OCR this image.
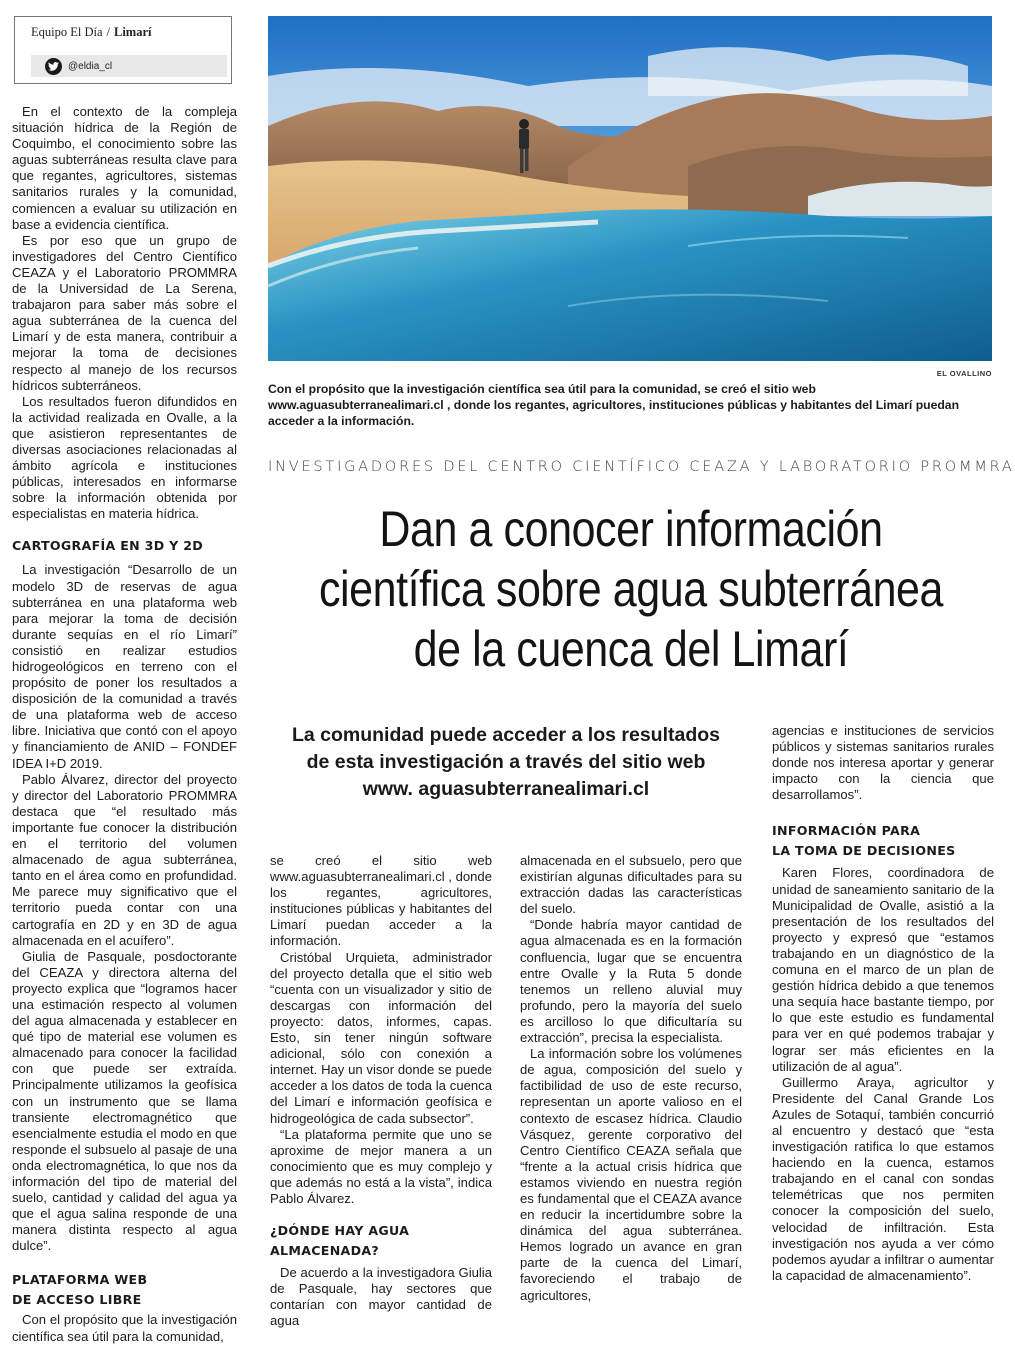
Equipo El Día / Limarí
@eldia_cl

En el contexto de la compleja situación hídrica de la Región de Coquimbo, el conocimiento sobre las aguas subterráneas resulta clave para que regantes, agricultores, sistemas sanitarios rurales y la comunidad, comiencen a evaluar su utilización en base a evidencia científica.

Es por eso que un grupo de investigadores del Centro Científico CEAZA y el Laboratorio PROMMRA de la Universidad de La Serena, trabajaron para saber más sobre el agua subterránea de la cuenca del Limarí y de esta manera, contribuir a mejorar la toma de decisiones respecto al manejo de los recursos hídricos subterráneos.

Los resultados fueron difundidos en la actividad realizada en Ovalle, a la que asistieron representantes de diversas asociaciones relacionadas al ámbito agrícola e instituciones públicas, interesados en informarse sobre la información obtenida por especialistas en materia hídrica.

CARTOGRAFÍA EN 3D Y 2D

La investigación “Desarrollo de un modelo 3D de reservas de agua subterránea en una plataforma web para mejorar la toma de decisión durante sequías en el río Limarí” consistió en realizar estudios hidrogeológicos en terreno con el propósito de poner los resultados a disposición de la comunidad a través de una plataforma web de acceso libre. Iniciativa que contó con el apoyo y financiamiento de ANID – FONDEF IDEA I+D 2019.

Pablo Álvarez, director del proyecto y director del Laboratorio PROMMRA destaca que “el resultado más importante fue conocer la distribución en el territorio del volumen almacenado de agua subterránea, tanto en el área como en profundidad. Me parece muy significativo que el territorio pueda contar con una cartografía en 2D y en 3D de agua almacenada en el acuífero”.

Giulia de Pasquale, posdoctorante del CEAZA y directora alterna del proyecto explica que “logramos hacer una estimación respecto al volumen del agua almacenada y establecer en qué tipo de material ese volumen es almacenado para conocer la facilidad con que puede ser extraída. Principalmente utilizamos la geofísica con un instrumento que se llama transiente electromagnético que esencialmente estudia el modo en que responde el subsuelo al pasaje de una onda electromagnética, lo que nos da información del tipo de material del suelo, cantidad y calidad del agua ya que el agua salina responde de una manera distinta respecto al agua dulce”.

PLATAFORMA WEB
DE ACCESO LIBRE

Con el propósito que la investigación científica sea útil para la comunidad,

EL OVALLINO
Con el propósito que la investigación científica sea útil para la comunidad, se creó el sitio web www.aguasubterranealimari.cl , donde los regantes, agricultores, instituciones públicas y habitantes del Limarí puedan acceder a la información.
INVESTIGADORES DEL CENTRO CIENTÍFICO CEAZA Y LABORATORIO PROMMRA
Dan a conocer información
científica sobre agua subterránea
de la cuenca del Limarí
La comunidad puede acceder a los resultados de esta investigación a través del sitio web www. aguasubterranealimari.cl

se creó el sitio web www.aguasubterranealimari.cl , donde los regantes, agricultores, instituciones públicas y habitantes del Limarí puedan acceder a la información.

Cristóbal Urquieta, administrador del proyecto detalla que el sitio web “cuenta con un visualizador y sitio de descargas con información del proyecto: datos, informes, capas. Esto, sin tener ningún software adicional, sólo con conexión a internet. Hay un visor donde se puede acceder a los datos de toda la cuenca del Limarí e información geofísica e hidrogeológica de cada subsector”.

“La plataforma permite que uno se aproxime de mejor manera a un conocimiento que es muy complejo y que además no está a la vista”, indica Pablo Álvarez.

¿DÓNDE HAY AGUA ALMACENADA?

De acuerdo a la investigadora Giulia de Pasquale, hay sectores que contarían con mayor cantidad de agua

almacenada en el subsuelo, pero que existirían algunas dificultades para su extracción dadas las características del suelo.

“Donde habría mayor cantidad de agua almacenada es en la formación confluencia, lugar que se encuentra entre Ovalle y la Ruta 5 donde tenemos un relleno aluvial muy profundo, pero la mayoría del suelo es arcilloso lo que dificultaría su extracción”, precisa la especialista.

La información sobre los volúmenes de agua, composición del suelo y factibilidad de uso de este recurso, representan un aporte valioso en el contexto de escasez hídrica. Claudio Vásquez, gerente corporativo del Centro Científico CEAZA señala que “frente a la actual crisis hídrica que estamos viviendo en nuestra región es fundamental que el CEAZA avance en reducir la incertidumbre sobre la dinámica del agua subterránea. Hemos logrado un avance en gran parte de la cuenca del Limarí, favoreciendo el trabajo de agricultores,

agencias e instituciones de servicios públicos y sistemas sanitarios rurales donde nos interesa aportar y generar impacto con la ciencia que desarrollamos”.

INFORMACIÓN PARA
LA TOMA DE DECISIONES

Karen Flores, coordinadora de unidad de saneamiento sanitario de la Municipalidad de Ovalle, asistió a la presentación de los resultados del proyecto y expresó que “estamos trabajando en un diagnóstico de la comuna en el marco de un plan de gestión hídrica debido a que tenemos una sequía hace bastante tiempo, por lo que este estudio es fundamental para ver en qué podemos trabajar y lograr ser más eficientes en la utilización de al agua”.

Guillermo Araya, agricultor y Presidente del Canal Grande Los Azules de Sotaquí, también concurrió al encuentro y destacó que “esta investigación ratifica lo que estamos haciendo en la cuenca, estamos trabajando en el canal con sondas telemétricas que nos permiten conocer la composición del suelo, velocidad de infiltración. Esta investigación nos ayuda a ver cómo podemos ayudar a infiltrar o aumentar la capacidad de almacenamiento”.
